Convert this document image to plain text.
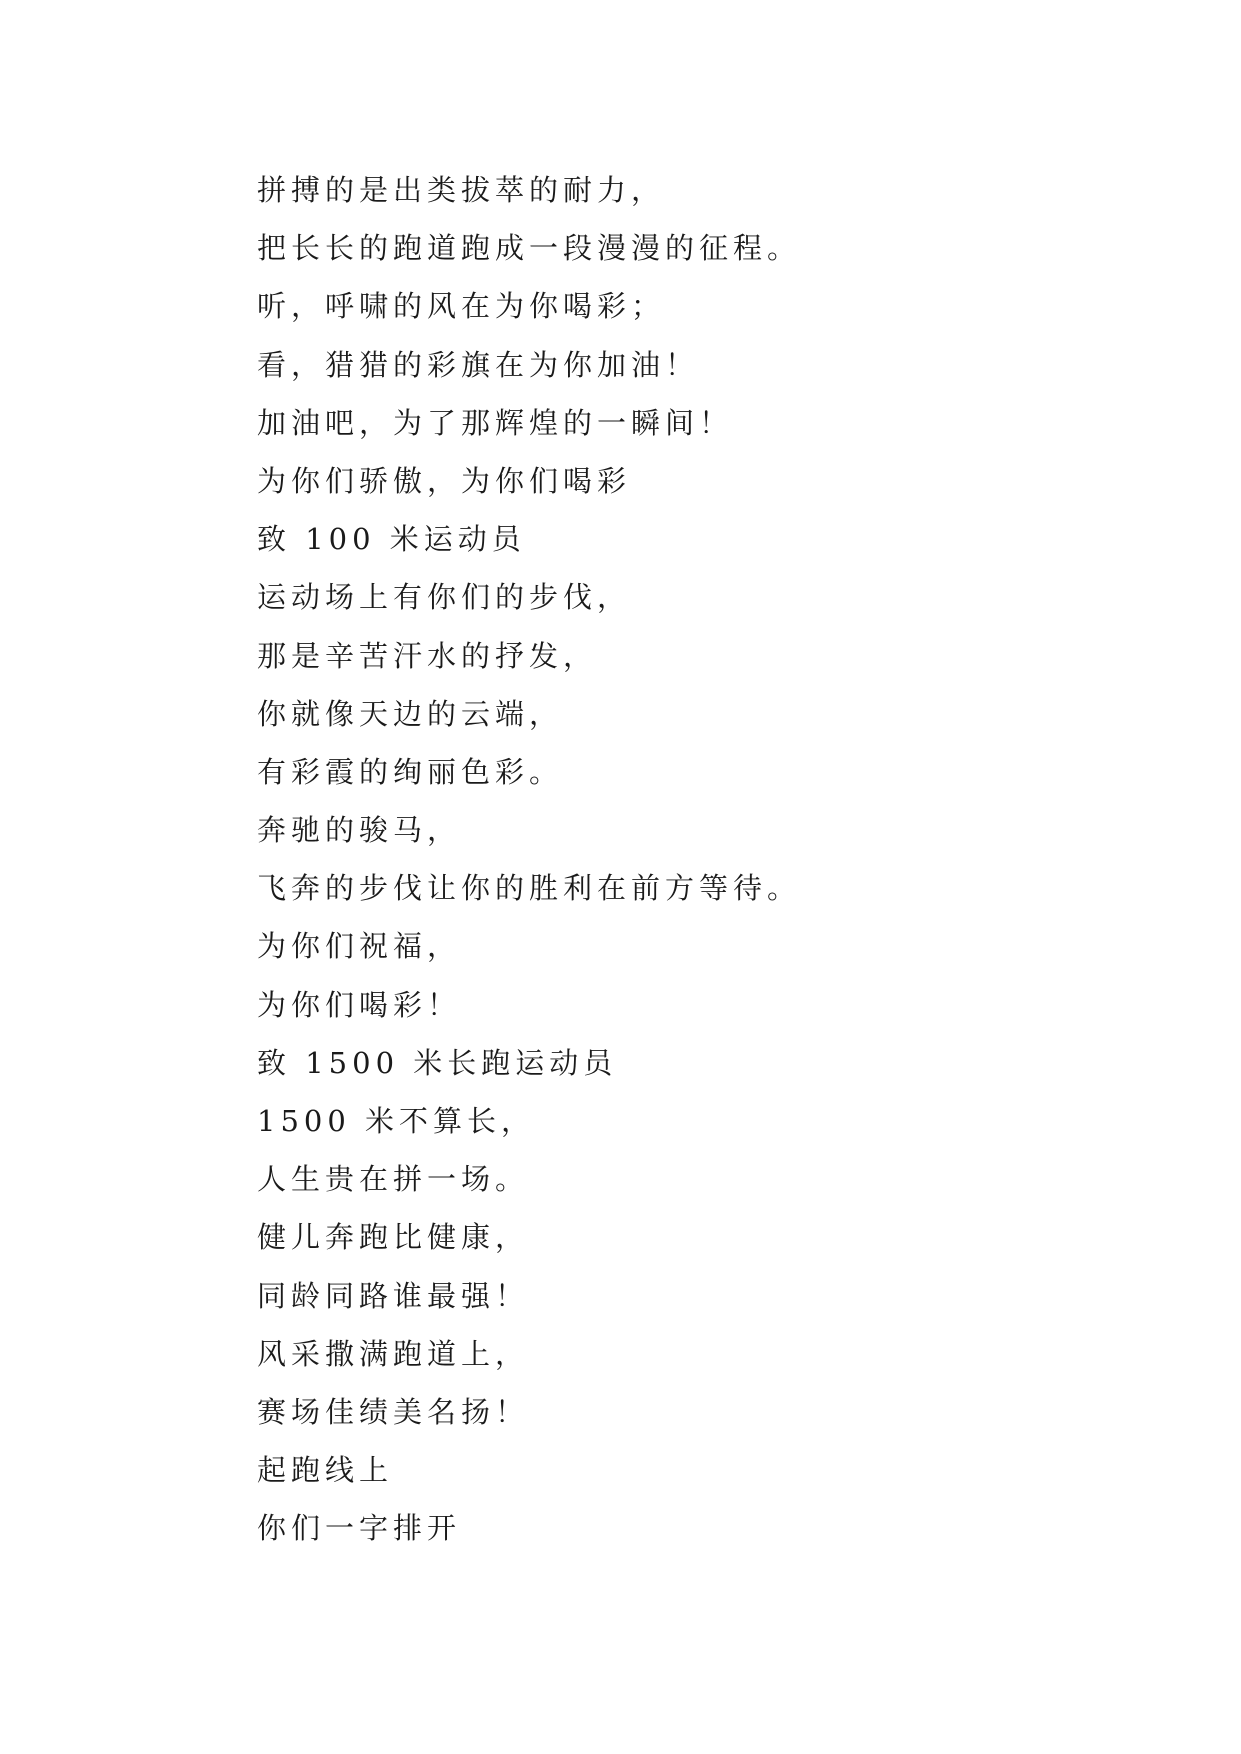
拼搏的是出类拔萃的耐力，
把长长的跑道跑成一段漫漫的征程。
听，呼啸的风在为你喝彩；
看，猎猎的彩旗在为你加油！
加油吧，为了那辉煌的一瞬间！
为你们骄傲，为你们喝彩
致 100 米运动员
运动场上有你们的步伐，
那是辛苦汗水的抒发，
你就像天边的云端，
有彩霞的绚丽色彩。
奔驰的骏马，
飞奔的步伐让你的胜利在前方等待。
为你们祝福，
为你们喝彩！
致 1500 米长跑运动员
1500 米不算长，
人生贵在拼一场。
健儿奔跑比健康，
同龄同路谁最强！
风采撒满跑道上，
赛场佳绩美名扬！
起跑线上
你们一字排开
